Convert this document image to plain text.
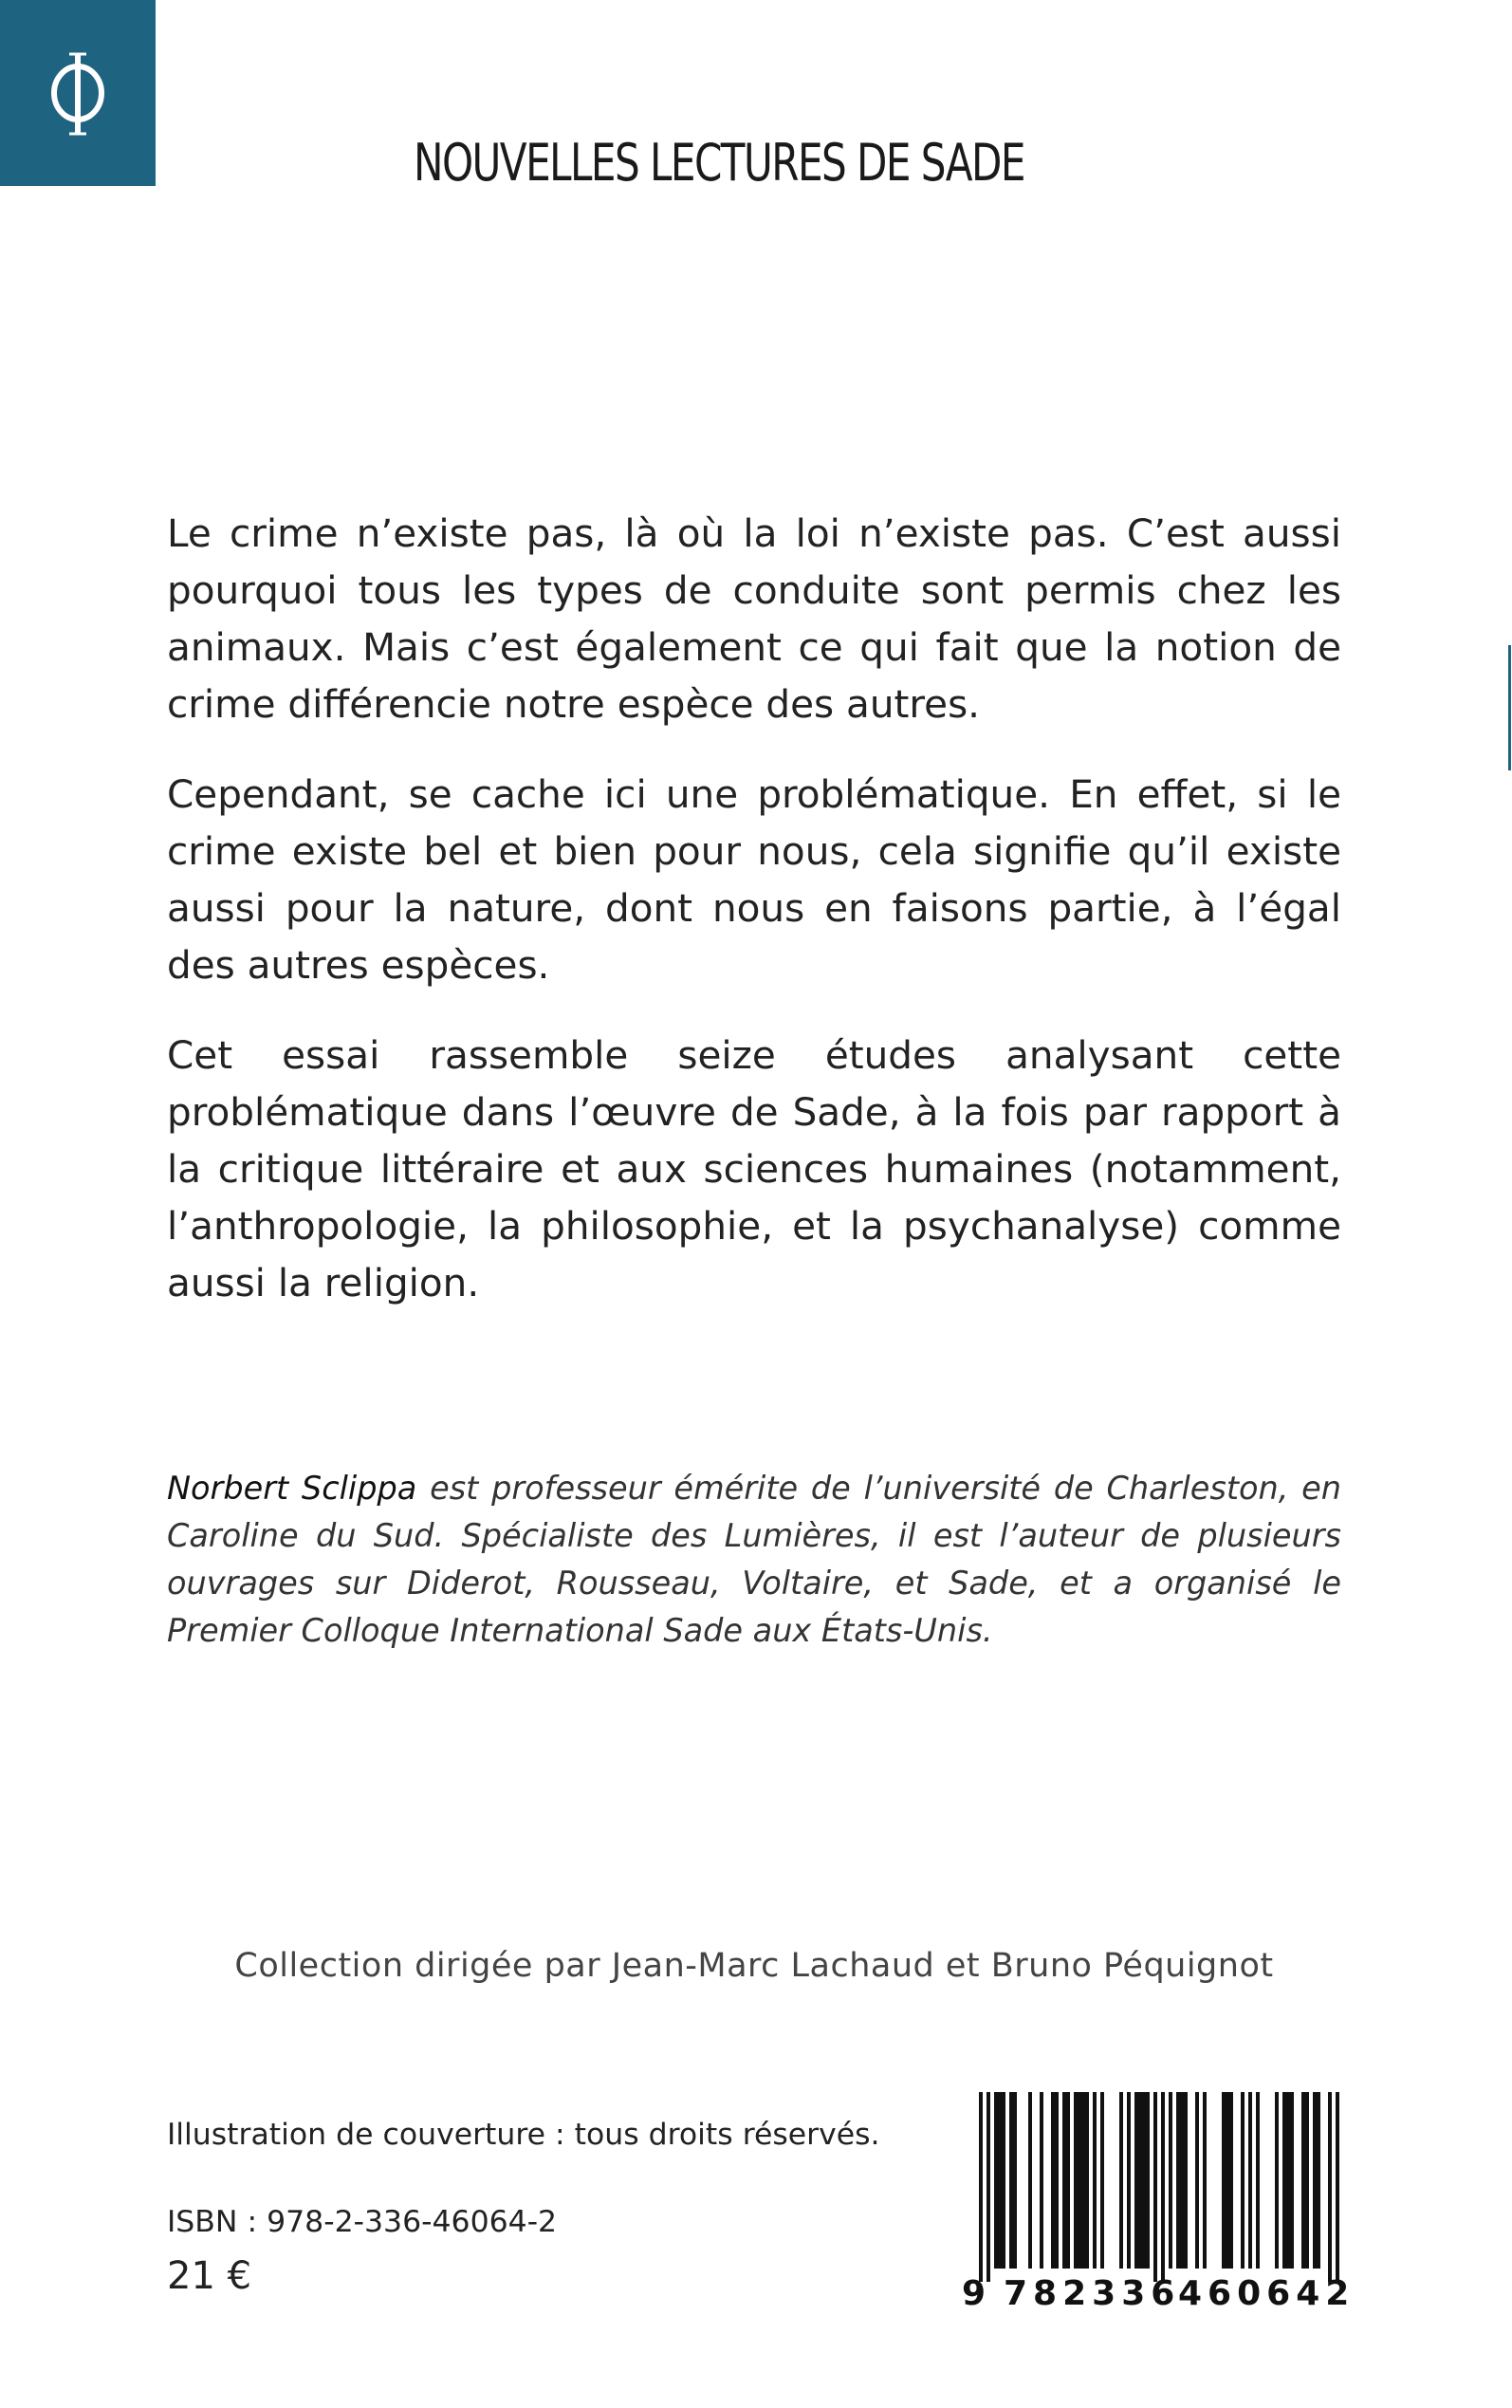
NOUVELLES LECTURES DE SADE

Le crime n’existe pas, là où la loi n’existe pas. C’est aussi pourquoi tous les types de conduite sont permis chez les animaux. Mais c’est également ce qui fait que la notion de crime différencie notre espèce des autres.

Cependant, se cache ici une problématique. En effet, si le crime existe bel et bien pour nous, cela signifie qu’il existe aussi pour la nature, dont nous en faisons partie, à l’égal des autres espèces.

Cet essai rassemble seize études analysant cette problématique dans l’œuvre de Sade, à la fois par rapport à la critique littéraire et aux sciences humaines (notamment, l’anthropologie, la philosophie, et la psychanalyse) comme aussi la religion.

Norbert Sclippa est professeur émérite de l’université de Charleston, en Caroline du Sud. Spécialiste des Lumières, il est l’auteur de plusieurs ouvrages sur Diderot, Rousseau, Voltaire, et Sade, et a organisé le Premier Colloque International Sade aux États-Unis.

Collection dirigée par Jean-Marc Lachaud et Bruno Péquignot
Illustration de couverture : tous droits réservés.
ISBN : 978-2-336-46064-2
21 €	9 782336
460642
